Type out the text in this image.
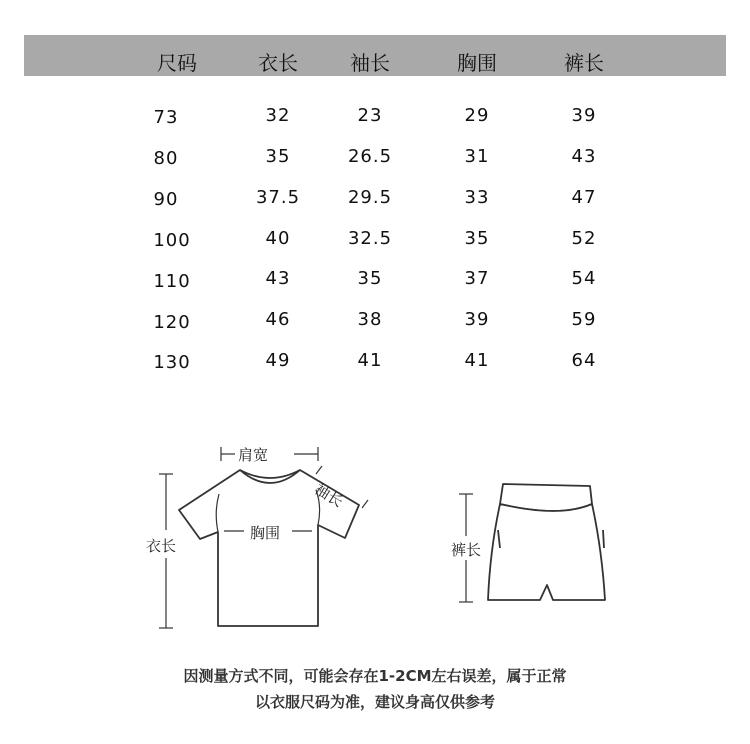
尺码	衣长	袖长	胸围	裤长
73	32	23	29	39
80	35	26.5	31	43
90	37.5	29.5	33	47
100	40	32.5	35	52
110	43	35	37	54
120	46	38	39	59
130	49	41	41	64
肩宽
袖长
胸围
衣长	裤长
因测量方式不同，可能会存在1-2CM左右误差，属于正常
以衣服尺码为准，建议身高仅供参考
